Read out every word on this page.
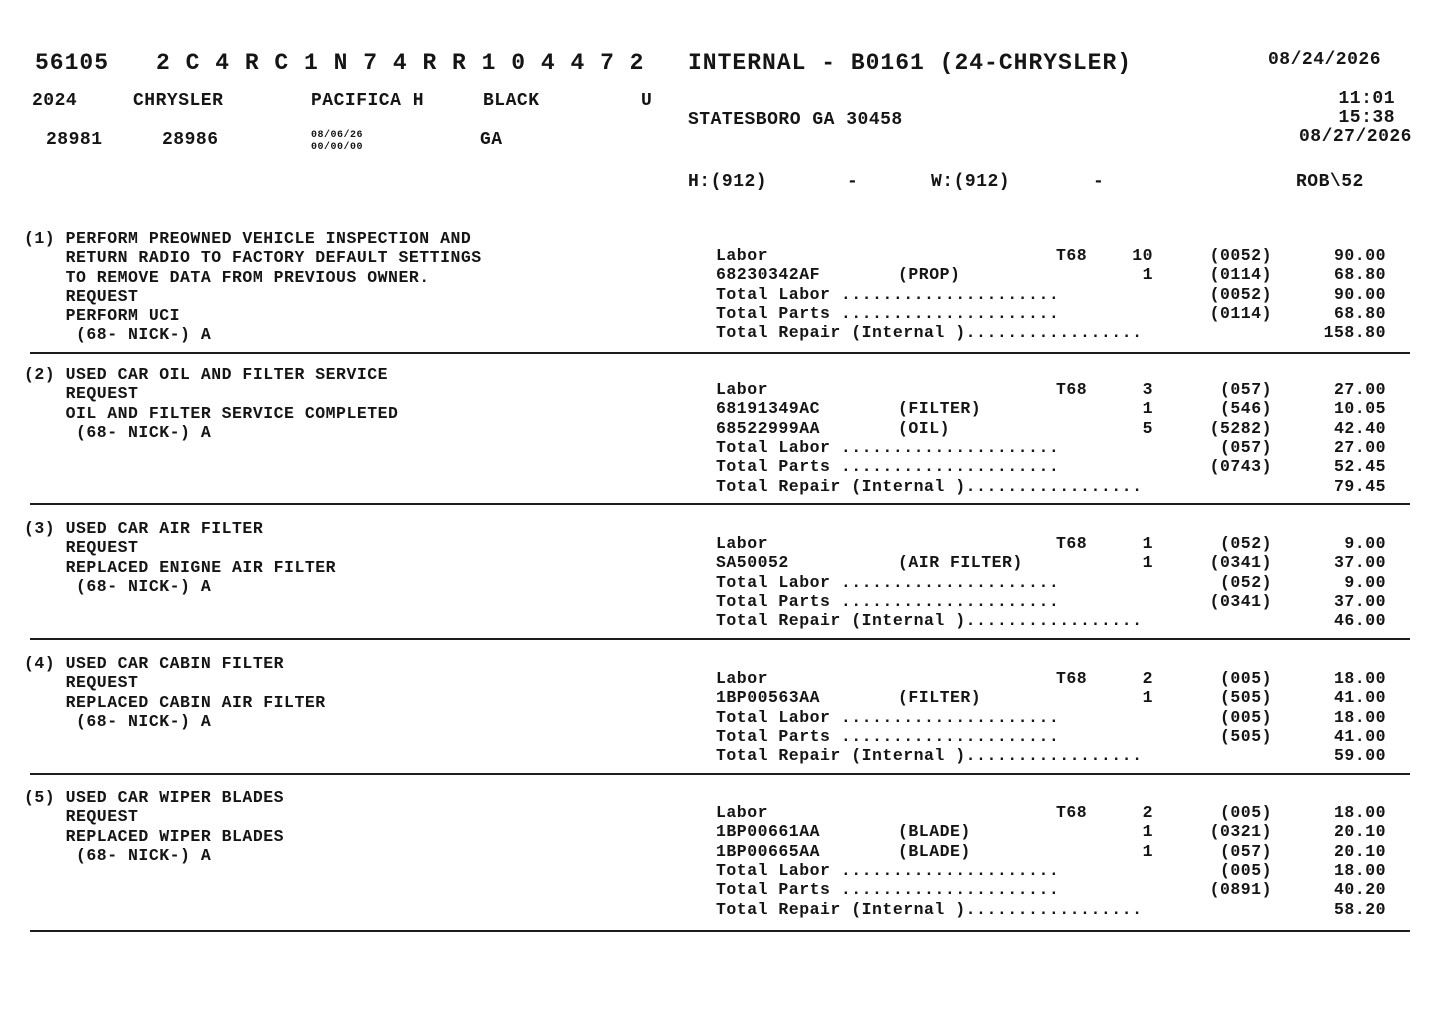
56105 2 C 4 R C 1 N 7 4 R R 1 0 4 4 7 2 INTERNAL - B0161 (24-CHRYSLER)	08/24/2026
2024	CHRYSLER	PACIFICA H	BLACK	U	11:01
STATESBORO GA 30458	15:38
28981	28986	08/06/26
00/00/00	GA	08/27/2026
H:(912)	-	W:(912)	-	ROB\52
(1) PERFORM PREOWNED VEHICLE INSPECTION AND
RETURN RADIO TO FACTORY DEFAULT SETTINGS
TO REMOVE DATA FROM PREVIOUS OWNER.
REQUEST
PERFORM UCI
(68- NICK-) A
Labor	T68	10	(0052)	90.00
68230342AF	(PROP)	1	(0114)	68.80
Total Labor .....................	(0052)	90.00
Total Parts .....................	(0114)	68.80
Total Repair (Internal ).................	158.80
(2) USED CAR OIL AND FILTER SERVICE
REQUEST
OIL AND FILTER SERVICE COMPLETED
(68- NICK-) A
Labor	T68	3	(057)	27.00
68191349AC	(FILTER)	1	(546)	10.05
68522999AA	(OIL)	5	(5282)	42.40
Total Labor .....................	(057)	27.00
Total Parts .....................	(0743)	52.45
Total Repair (Internal ).................	79.45
(3) USED CAR AIR FILTER
REQUEST
REPLACED ENIGNE AIR FILTER
(68- NICK-) A
Labor	T68	1	(052)	9.00
SA50052	(AIR FILTER)	1	(0341)	37.00
Total Labor .....................	(052)	9.00
Total Parts .....................	(0341)	37.00
Total Repair (Internal ).................	46.00
(4) USED CAR CABIN FILTER
REQUEST
REPLACED CABIN AIR FILTER
(68- NICK-) A
Labor	T68	2	(005)	18.00
1BP00563AA	(FILTER)	1	(505)	41.00
Total Labor .....................	(005)	18.00
Total Parts .....................	(505)	41.00
Total Repair (Internal ).................	59.00
(5) USED CAR WIPER BLADES
REQUEST
REPLACED WIPER BLADES
(68- NICK-) A
Labor	T68	2	(005)	18.00
1BP00661AA	(BLADE)	1	(0321)	20.10
1BP00665AA	(BLADE)	1	(057)	20.10
Total Labor .....................	(005)	18.00
Total Parts .....................	(0891)	40.20
Total Repair (Internal ).................	58.20
